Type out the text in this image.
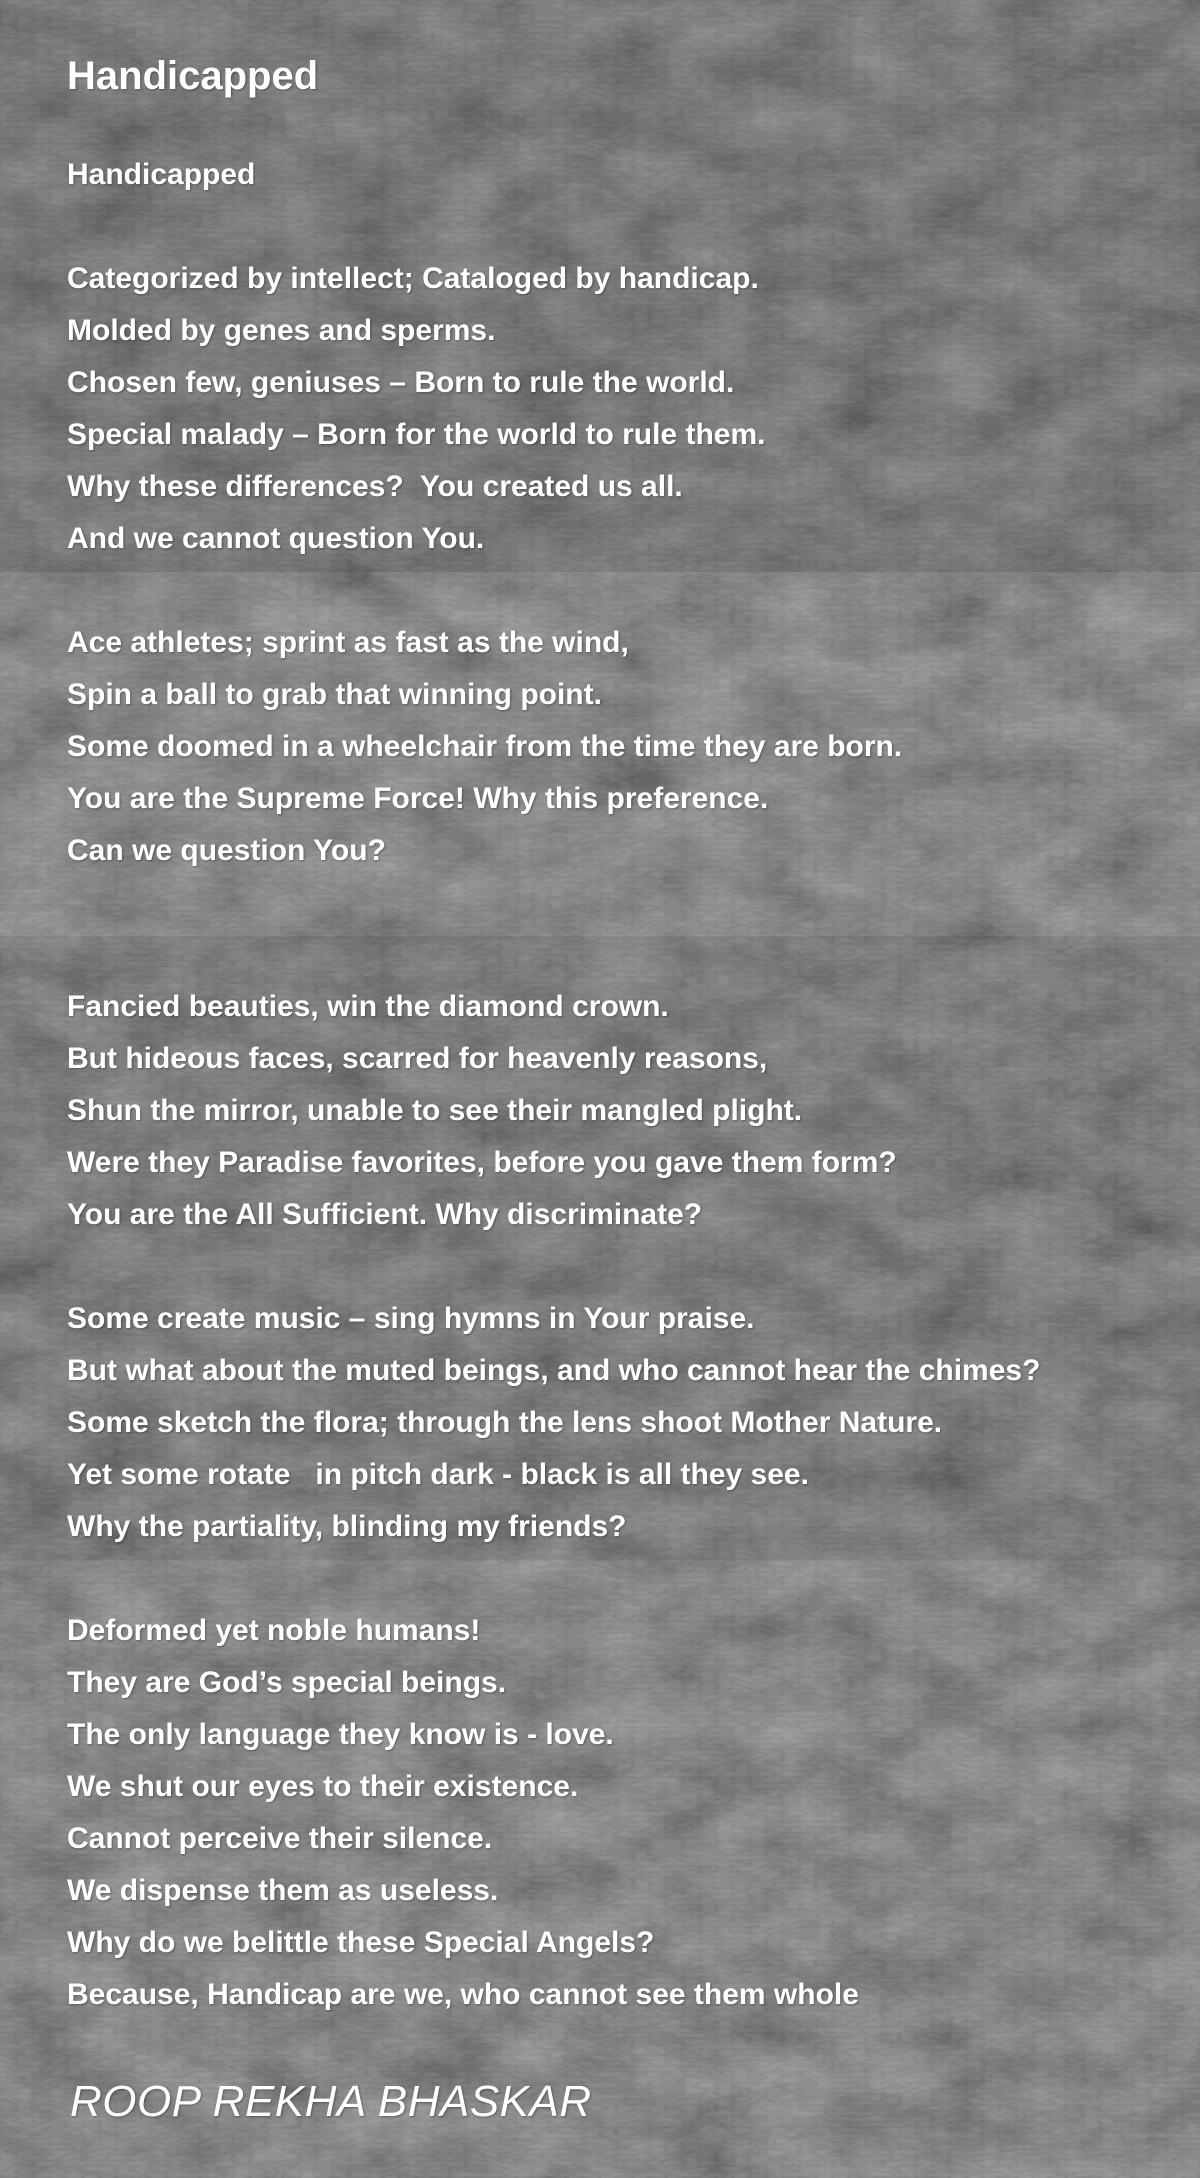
Handicapped
Handicapped
Categorized by intellect; Cataloged by handicap.
Molded by genes and sperms.
Chosen few, geniuses – Born to rule the world.
Special malady – Born for the world to rule them.
Why these differences?  You created us all.
And we cannot question You.
Ace athletes; sprint as fast as the wind,
Spin a ball to grab that winning point.
Some doomed in a wheelchair from the time they are born.
You are the Supreme Force! Why this preference.
Can we question You?
Fancied beauties, win the diamond crown.
But hideous faces, scarred for heavenly reasons,
Shun the mirror, unable to see their mangled plight.
Were they Paradise favorites, before you gave them form?
You are the All Sufficient. Why discriminate?
Some create music – sing hymns in Your praise.
But what about the muted beings, and who cannot hear the chimes?
Some sketch the flora; through the lens shoot Mother Nature.
Yet some rotate   in pitch dark - black is all they see.
Why the partiality, blinding my friends?
Deformed yet noble humans!
They are God’s special beings.
The only language they know is - love.
We shut our eyes to their existence.
Cannot perceive their silence.
We dispense them as useless.
Why do we belittle these Special Angels?
Because, Handicap are we, who cannot see them whole
ROOP REKHA BHASKAR
